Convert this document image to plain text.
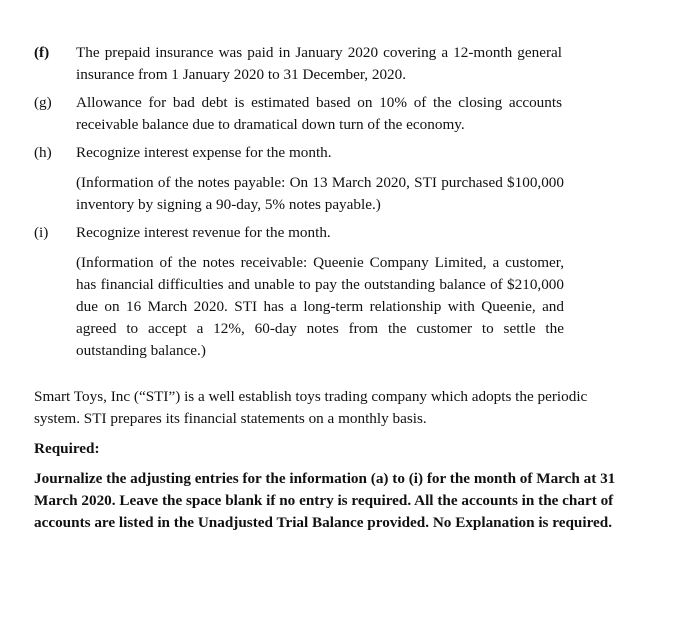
(f)	The prepaid insurance was paid in January 2020 covering a 12-month general insurance from 1 January 2020 to 31 December, 2020.
(g)	Allowance for bad debt is estimated based on 10% of the closing accounts receivable balance due to dramatical down turn of the economy.
(h)	Recognize interest expense for the month.
(Information of the notes payable: On 13 March 2020, STI purchased $100,000 inventory by signing a 90-day, 5% notes payable.)
(i)	Recognize interest revenue for the month.
(Information of the notes receivable: Queenie Company Limited, a customer, has financial difficulties and unable to pay the outstanding balance of $210,000 due on 16 March 2020. STI has a long-term relationship with Queenie, and agreed to accept a 12%, 60-day notes from the customer to settle the outstanding balance.)
Smart Toys, Inc (“STI”) is a well establish toys trading company which adopts the periodic system. STI prepares its financial statements on a monthly basis.
Required:
Journalize the adjusting entries for the information (a) to (i) for the month of March at 31 March 2020. Leave the space blank if no entry is required. All the accounts in the chart of accounts are listed in the Unadjusted Trial Balance provided. No Explanation is required.
